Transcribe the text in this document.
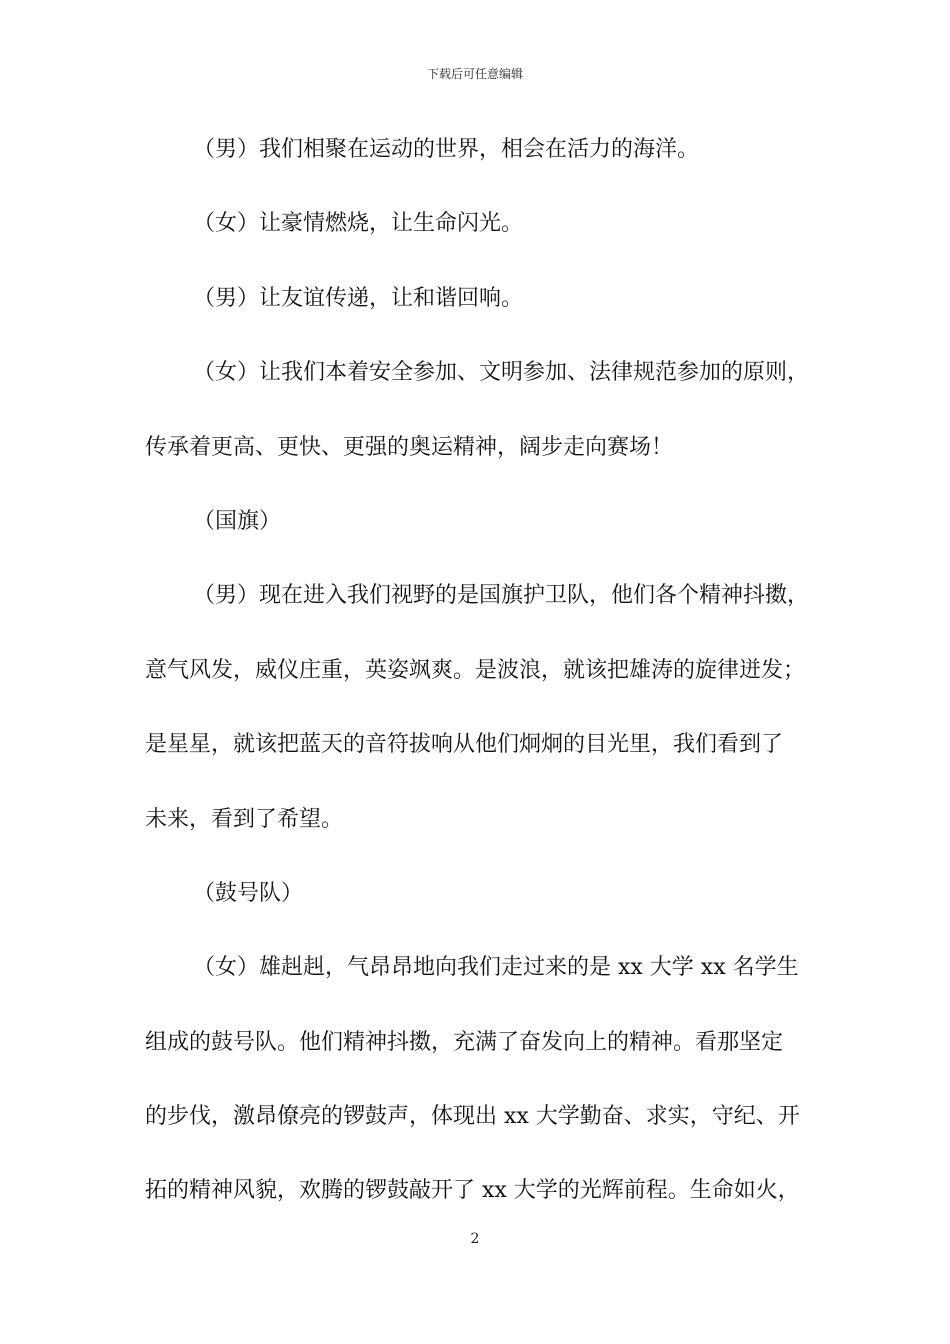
下载后可任意编辑
（男）我们相聚在运动的世界，相会在活力的海洋。
（女）让豪情燃烧，让生命闪光。
（男）让友谊传递，让和谐回响。
（女）让我们本着安全参加、文明参加、法律规范参加的原则，
传承着更高、更快、更强的奥运精神，阔步走向赛场！
（国旗）
（男）现在进入我们视野的是国旗护卫队，他们各个精神抖擞，
意气风发，威仪庄重，英姿飒爽。是波浪，就该把雄涛的旋律迸发；
是星星，就该把蓝天的音符拔响从他们炯炯的目光里，我们看到了
未来，看到了希望。
（鼓号队）
（女）雄赳赳，气昂昂地向我们走过来的是 xx 大学 xx 名学生
组成的鼓号队。他们精神抖擞，充满了奋发向上的精神。看那坚定
的步伐，激昂僚亮的锣鼓声，体现出 xx 大学勤奋、求实，守纪、开
拓的精神风貌，欢腾的锣鼓敲开了 xx 大学的光辉前程。生命如火，
2
